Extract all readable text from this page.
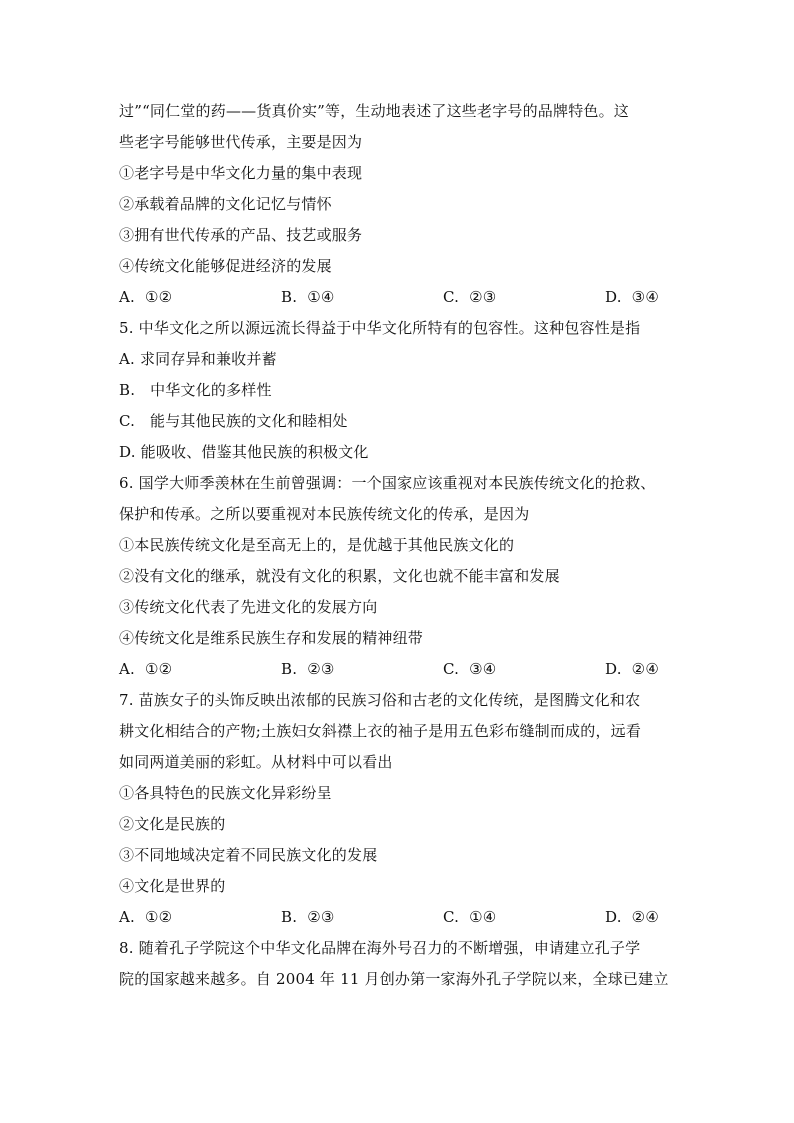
过”“同仁堂的药——货真价实”等，生动地表述了这些老字号的品牌特色。这
些老字号能够世代传承，主要是因为
①老字号是中华文化力量的集中表现
②承载着品牌的文化记忆与情怀
③拥有世代传承的产品、技艺或服务
④传统文化能够促进经济的发展
A. ①②	B. ①④	C. ②③	D. ③④
5. 中华文化之所以源远流长得益于中华文化所特有的包容性。这种包容性是指
A. 求同存异和兼收并蓄
B.   中华文化的多样性
C.   能与其他民族的文化和睦相处
D. 能吸收、借鉴其他民族的积极文化
6. 国学大师季羡林在生前曾强调：一个国家应该重视对本民族传统文化的抢救、
保护和传承。之所以要重视对本民族传统文化的传承，是因为
①本民族传统文化是至高无上的，是优越于其他民族文化的
②没有文化的继承，就没有文化的积累，文化也就不能丰富和发展
③传统文化代表了先进文化的发展方向
④传统文化是维系民族生存和发展的精神纽带
A. ①②	B. ②③	C. ③④	D. ②④
7. 苗族女子的头饰反映出浓郁的民族习俗和古老的文化传统，是图腾文化和农
耕文化相结合的产物;土族妇女斜襟上衣的袖子是用五色彩布缝制而成的，远看
如同两道美丽的彩虹。从材料中可以看出
①各具特色的民族文化异彩纷呈
②文化是民族的
③不同地域决定着不同民族文化的发展
④文化是世界的
A. ①②	B. ②③	C. ①④	D. ②④
8. 随着孔子学院这个中华文化品牌在海外号召力的不断增强，申请建立孔子学
院的国家越来越多。自 2004 年 11 月创办第一家海外孔子学院以来，全球已建立
